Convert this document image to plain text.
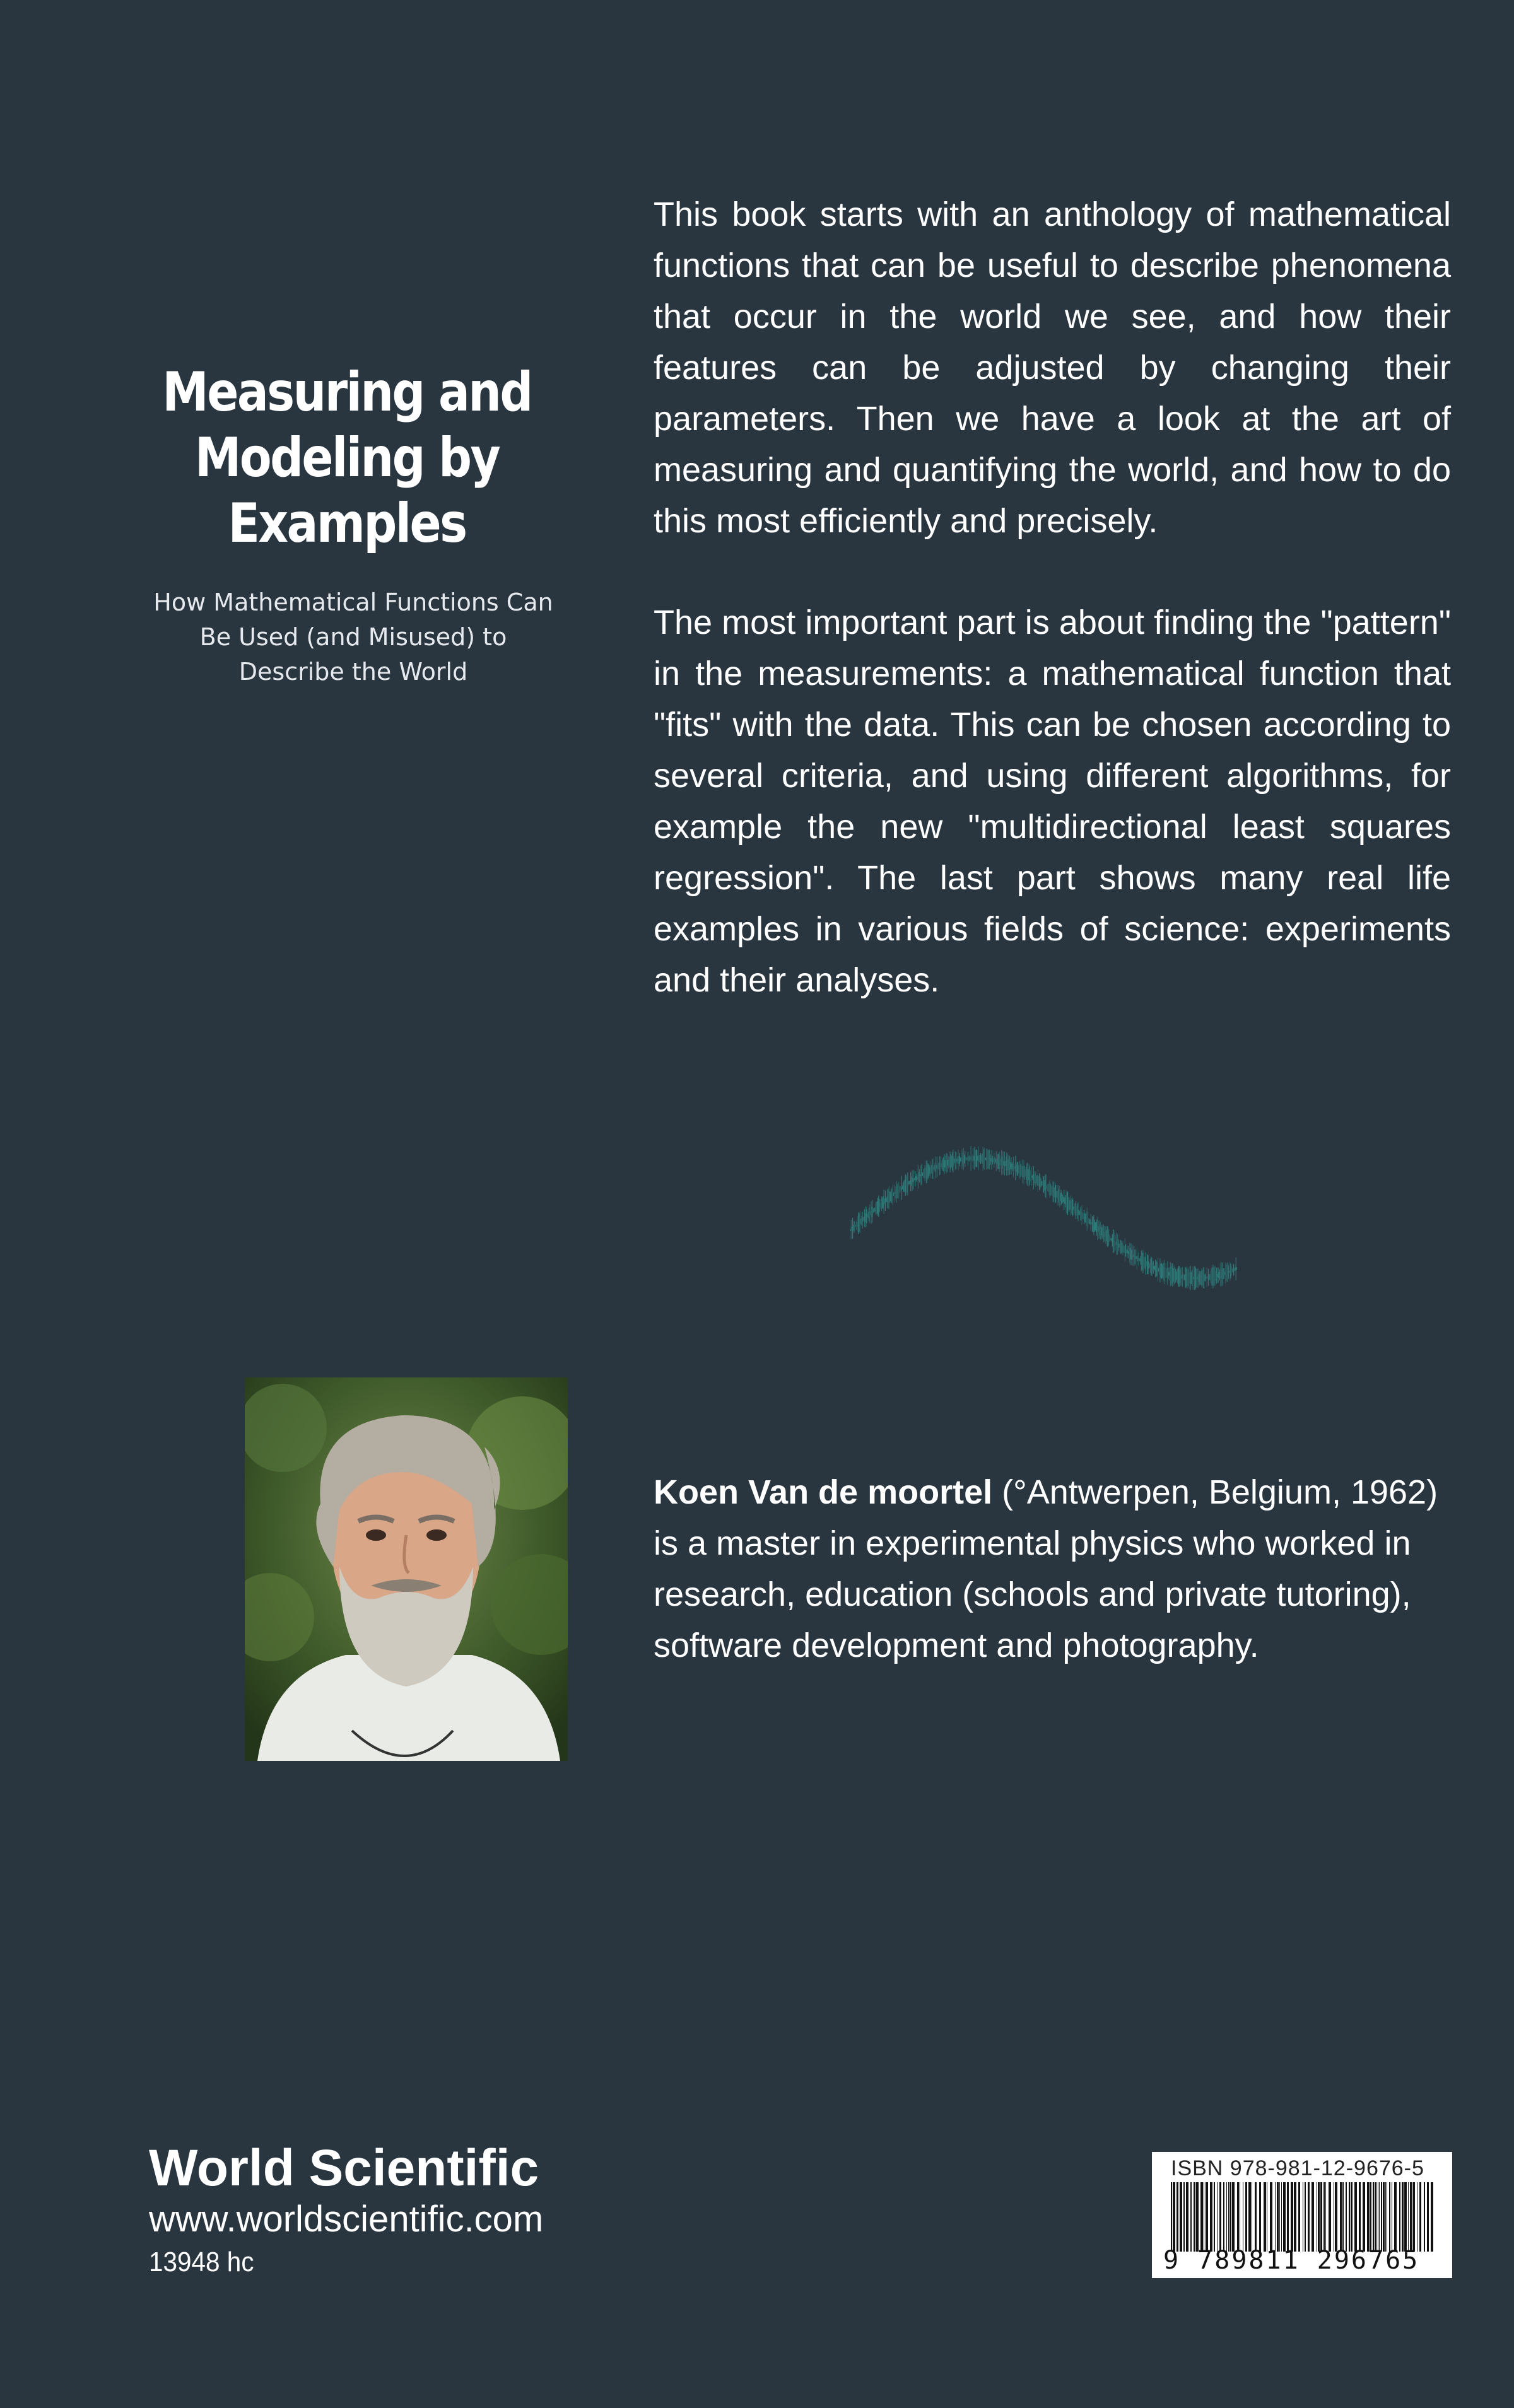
Measuring and Modeling by Examples

How Mathematical Functions Can Be Used (and Misused) to Describe the World

This book starts with an anthology of mathematical functions that can be useful to describe phenomena that occur in the world we see, and how their features can be adjusted by changing their parameters. Then we have a look at the art of measuring and quantifying the world, and how to do this most efficiently and precisely.

The most important part is about finding the "pattern" in the measurements: a mathematical function that "fits" with the data. This can be chosen according to several criteria, and using different algorithms, for example the new "multidirectional least squares regression". The last part shows many real life examples in various fields of science: experiments and their analyses.

Koen Van de moortel (°Antwerpen, Belgium, 1962) is a master in experimental physics who worked in research, education (schools and private tutoring), software development and photography.

World Scientific

www.worldscientific.com

13948 hc

ISBN 978-981-12-9676-5
9 789811 296765
